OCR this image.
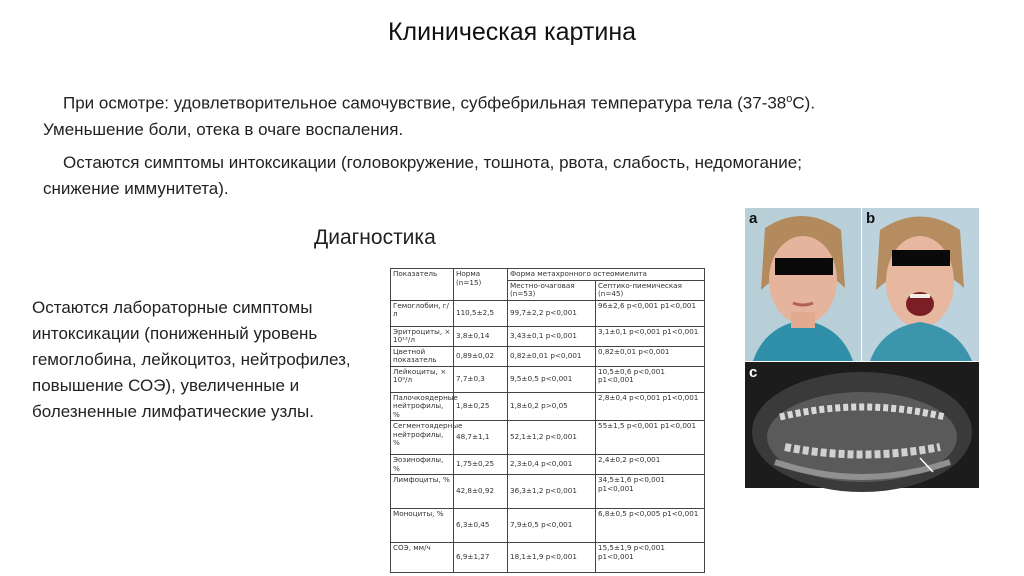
Клиническая картина
При осмотре: удовлетворительное самочувствие, субфебрильная температура тела $(37-38^оС)$.
Уменьшение боли, отека в очаге воспаления.
Остаются симптомы интоксикации (головокружение, тошнота, рвота, слабость, недомогание;
снижение иммунитета).
Диагностика
Остаются лабораторные симптомы интоксикации (пониженный уровень гемоглобина, лейкоцитоз, нейтрофилез, повышение СОЭ), увеличенные и болезненные лимфатические узлы.
Показатель	Норма (n=15)	Форма метахронного остеомиелита	
		Местно-очаговая (n=53)	Септико-пиемическая (n=45)
Гемоглобин, г/л	110,5±2,5	99,7±2,2 p<0,001	96±2,6 p<0,001 p1<0,001
Эритроциты, × 10¹²/л	3,8±0,14	3,43±0,1 p<0,001	3,1±0,1 p<0,001 p1<0,001
Цветной показатель	0,89±0,02	0,82±0,01 p<0,001	0,82±0,01 p<0,001
Лейкоциты, × 10⁹/л	7,7±0,3	9,5±0,5 p<0,001	10,5±0,6 p<0,001 p1<0,001
Палочкоядерные нейтрофилы, %	1,8±0,25	1,8±0,2 p>0,05	2,8±0,4 p<0,001 p1<0,001
Сегментоядерные нейтрофилы, %	48,7±1,1	52,1±1,2 p<0,001	55±1,5 p<0,001 p1<0,001
Эозинофилы, %	1,75±0,25	2,3±0,4 p<0,001	2,4±0,2 p<0,001
Лимфоциты, %	42,8±0,92	36,3±1,2 p<0,001	34,5±1,6 p<0,001 p1<0,001
Моноциты, %	6,3±0,45	7,9±0,5 p<0,001	6,8±0,5 p<0,005 p1<0,001
СОЭ, мм/ч	6,9±1,27	18,1±1,9 p<0,001	15,5±1,9 p<0,001 p1<0,001
a	b
c
